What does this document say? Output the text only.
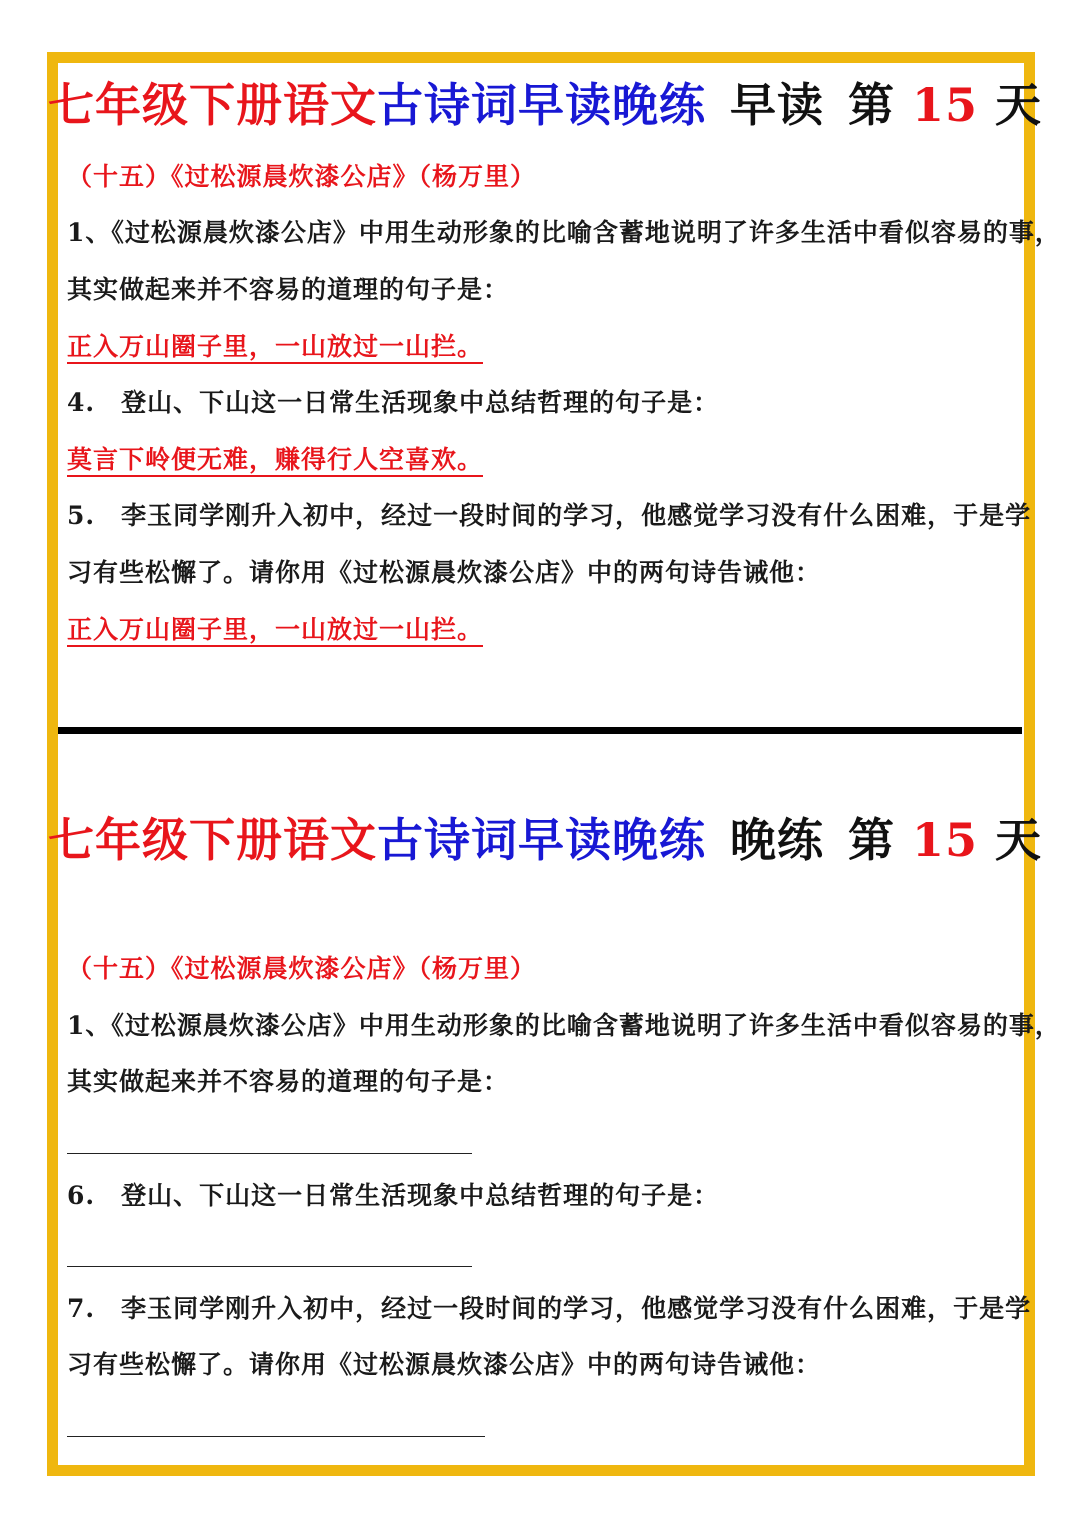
七年级下册语文古诗词早读晚练 早读 第 15 天
（十五）《过松源晨炊漆公店》（杨万里）
1、《过松源晨炊漆公店》中用生动形象的比喻含蓄地说明了许多生活中看似容易的事，
其实做起来并不容易的道理的句子是：
正入万山圈子里，一山放过一山拦。
4.　登山、下山这一日常生活现象中总结哲理的句子是：
莫言下岭便无难，赚得行人空喜欢。
5.　李玉同学刚升入初中，经过一段时间的学习，他感觉学习没有什么困难，于是学
习有些松懈了。请你用《过松源晨炊漆公店》中的两句诗告诫他：
正入万山圈子里，一山放过一山拦。
七年级下册语文古诗词早读晚练 晚练 第 15 天
（十五）《过松源晨炊漆公店》（杨万里）
1、《过松源晨炊漆公店》中用生动形象的比喻含蓄地说明了许多生活中看似容易的事，
其实做起来并不容易的道理的句子是：
6.　登山、下山这一日常生活现象中总结哲理的句子是：
7.　李玉同学刚升入初中，经过一段时间的学习，他感觉学习没有什么困难，于是学
习有些松懈了。请你用《过松源晨炊漆公店》中的两句诗告诫他：
